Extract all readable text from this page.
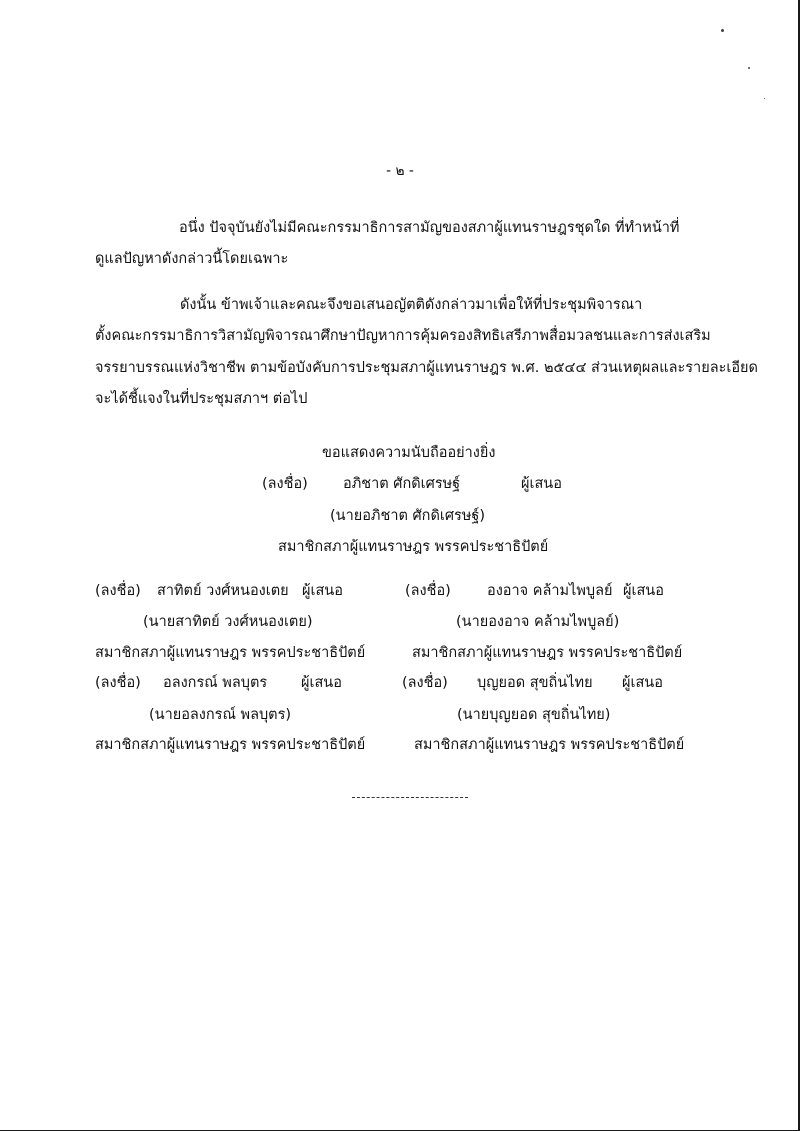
- ๒ -
อนึ่ง ปัจจุบันยังไม่มีคณะกรรมาธิการสามัญของสภาผู้แทนราษฎรชุดใด ที่ทำหน้าที่
ดูแลปัญหาดังกล่าวนี้โดยเฉพาะ
ดังนั้น ข้าพเจ้าและคณะจึงขอเสนอญัตติดังกล่าวมาเพื่อให้ที่ประชุมพิจารณา
ตั้งคณะกรรมาธิการวิสามัญพิจารณาศึกษาปัญหาการคุ้มครองสิทธิเสรีภาพสื่อมวลชนและการส่งเสริม
จรรยาบรรณแห่งวิชาชีพ ตามข้อบังคับการประชุมสภาผู้แทนราษฎร พ.ศ. ๒๕๔๔ ส่วนเหตุผลและรายละเอียด
จะได้ชี้แจงในที่ประชุมสภาฯ ต่อไป
ขอแสดงความนับถืออย่างยิ่ง
(ลงชื่อ) อภิชาต ศักดิเศรษฐ์	ผู้เสนอ
(นายอภิชาต ศักดิเศรษฐ์)
สมาชิกสภาผู้แทนราษฎร พรรคประชาธิปัตย์
(ลงชื่อ) สาทิตย์ วงศ์หนองเตย ผู้เสนอ
(นายสาทิตย์ วงศ์หนองเตย)
สมาชิกสภาผู้แทนราษฎร พรรคประชาธิปัตย์
(ลงชื่อ) องอาจ คล้ามไพบูลย์ ผู้เสนอ
(นายองอาจ คล้ามไพบูลย์)
สมาชิกสภาผู้แทนราษฎร พรรคประชาธิปัตย์
(ลงชื่อ) อลงกรณ์ พลบุตร ผู้เสนอ
(นายอลงกรณ์ พลบุตร)
สมาชิกสภาผู้แทนราษฎร พรรคประชาธิปัตย์
(ลงชื่อ) บุญยอด สุขถิ่นไทย ผู้เสนอ
(นายบุญยอด สุขถิ่นไทย)
สมาชิกสภาผู้แทนราษฎร พรรคประชาธิปัตย์
